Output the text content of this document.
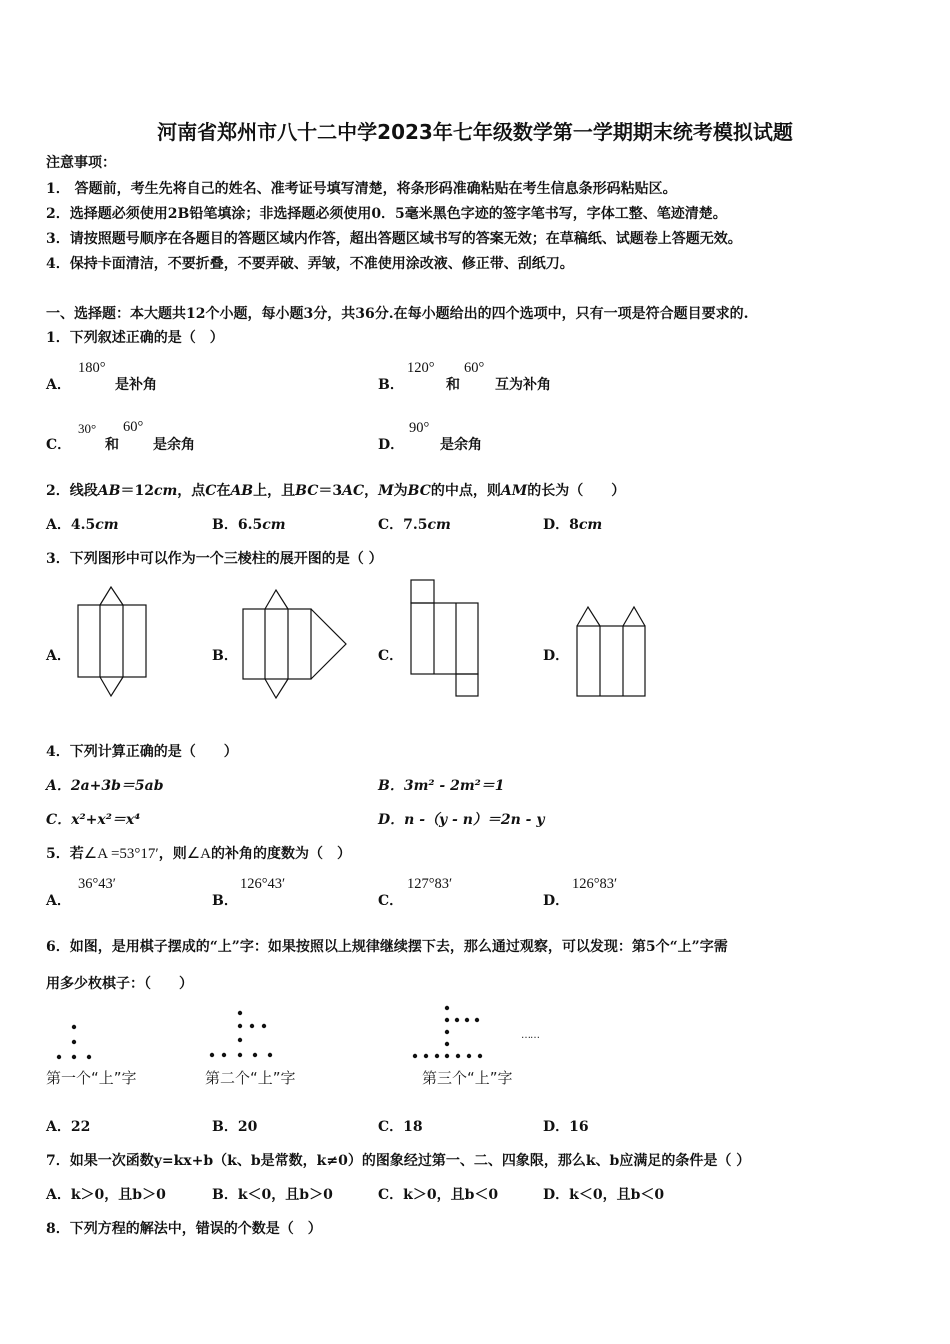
河南省郑州市八十二中学2023年七年级数学第一学期期末统考模拟试题
注意事项：
1． 答题前，考生先将自己的姓名、准考证号填写清楚，将条形码准确粘贴在考生信息条形码粘贴区。
2．选择题必须使用2B铅笔填涂；非选择题必须使用0．5毫米黑色字迹的签字笔书写，字体工整、笔迹清楚。
3．请按照题号顺序在各题目的答题区域内作答，超出答题区域书写的答案无效；在草稿纸、试题卷上答题无效。
4．保持卡面清洁，不要折叠，不要弄破、弄皱，不准使用涂改液、修正带、刮纸刀。
一、选择题：本大题共12个小题，每小题3分，共36分.在每小题给出的四个选项中，只有一项是符合题目要求的.
1．下列叙述正确的是（　）
A．
180°
是补角	B．
120°
和
60°
互为补角
C．
30°
和
60°
是余角	D．
90°
是余角
2．线段AB＝12cm，点C在AB上，且BC＝3AC，M为BC的中点，则AM的长为（　　）
A．4.5cm	B．6.5cm	C．7.5cm	D．8cm
3．下列图形中可以作为一个三棱柱的展开图的是（ ）
A．	B．	C．	D．
4．下列计算正确的是（　　）
A．2a+3b＝5ab	B．3m² - 2m²＝1
C．x²+x²＝x⁴	D．n -（y - n）＝2n - y
5．若∠A =53°17′，则∠A的补角的度数为（　）
A．
36°43′
B．
126°43′
C．
127°83′
D．
126°83′
6．如图，是用棋子摆成的“上”字：如果按照以上规律继续摆下去，那么通过观察，可以发现：第5个“上”字需
用多少枚棋子：（　　）
……
第一个“上”字	第二个“上”字	第三个“上”字
A．22	B．20	C．18	D．16
7．如果一次函数y=kx+b（k、b是常数，k≠0）的图象经过第一、二、四象限，那么k、b应满足的条件是（ ）
A．k＞0，且b＞0	B．k＜0，且b＞0	C．k＞0，且b＜0	D．k＜0，且b＜0
8．下列方程的解法中，错误的个数是（　）
